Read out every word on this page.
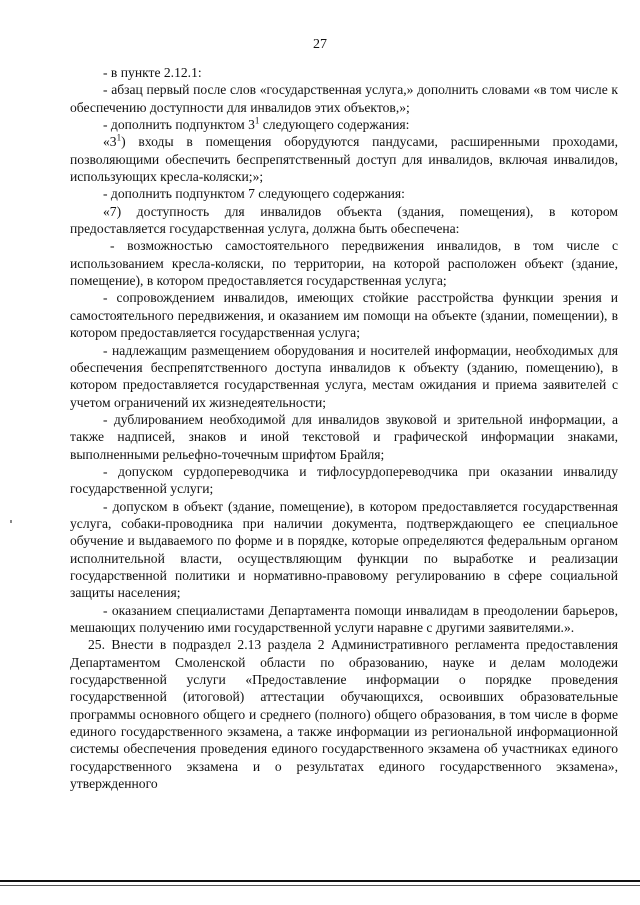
27

- в пункте 2.12.1:

- абзац первый после слов «государственная услуга,» дополнить словами «в том числе к обеспечению доступности для инвалидов этих объектов,»;

- дополнить подпунктом $3^1$ следующего содержания:

«$3^1$) входы в помещения оборудуются пандусами, расширенными проходами, позволяющими обеспечить беспрепятственный доступ для инвалидов, включая инвалидов, использующих кресла-коляски;»;

- дополнить подпунктом 7 следующего содержания:

«7) доступность для инвалидов объекта (здания, помещения), в котором предоставляется государственная услуга, должна быть обеспечена:

- возможностью самостоятельного передвижения инвалидов, в том числе с использованием кресла-коляски, по территории, на которой расположен объект (здание, помещение), в котором предоставляется государственная услуга;

- сопровождением инвалидов, имеющих стойкие расстройства функции зрения и самостоятельного передвижения, и оказанием им помощи на объекте (здании, помещении), в котором предоставляется государственная услуга;

- надлежащим размещением оборудования и носителей информации, необходимых для обеспечения беспрепятственного доступа инвалидов к объекту (зданию, помещению), в котором предоставляется государственная услуга, местам ожидания и приема заявителей с учетом ограничений их жизнедеятельности;

- дублированием необходимой для инвалидов звуковой и зрительной информации, а также надписей, знаков и иной текстовой и графической информации знаками, выполненными рельефно-точечным шрифтом Брайля;

- допуском сурдопереводчика и тифлосурдопереводчика при оказании инвалиду государственной услуги;

- допуском в объект (здание, помещение), в котором предоставляется государственная услуга, собаки-проводника при наличии документа, подтверждающего ее специальное обучение и выдаваемого по форме и в порядке, которые определяются федеральным органом исполнительной власти, осуществляющим функции по выработке и реализации государственной политики и нормативно-правовому регулированию в сфере социальной защиты населения;

- оказанием специалистами Департамента помощи инвалидам в преодолении барьеров, мешающих получению ими государственной услуги наравне с другими заявителями.».

25. Внести в подраздел 2.13 раздела 2 Административного регламента предоставления Департаментом Смоленской области по образованию, науке и делам молодежи государственной услуги «Предоставление информации о порядке проведения государственной (итоговой) аттестации обучающихся, освоивших образовательные программы основного общего и среднего (полного) общего образования, в том числе в форме единого государственного экзамена, а также информации из региональной информационной системы обеспечения проведения единого государственного экзамена об участниках единого государственного экзамена и о результатах единого государственного экзамена», утвержденного
